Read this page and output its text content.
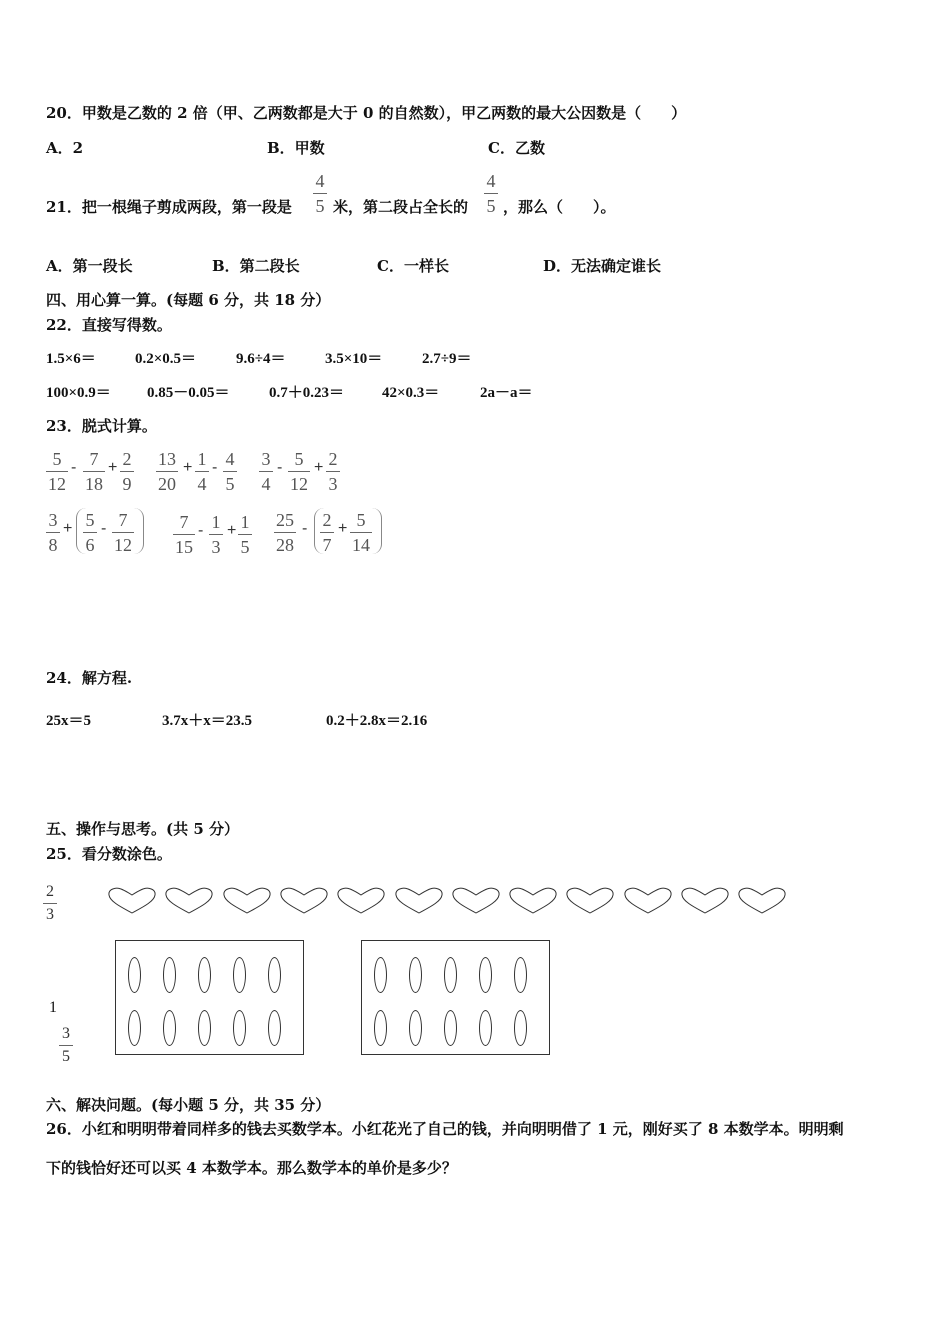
20．甲数是乙数的 2 倍（甲、乙两数都是大于 0 的自然数），甲乙两数的最大公因数是（　　）
A．2	B．甲数	C．乙数
21．把一根绳子剪成两段，第一段是
4
5 米，第二段占全长的
4
5 ，那么（　　）。
A．第一段长	B．第二段长	C．一样长	D．无法确定谁长
四、用心算一算。(每题 6 分，共 18 分）
22．直接写得数。
1.5×6＝	0.2×0.5＝	9.6÷4＝	3.5×10＝	2.7÷9＝
100×0.9＝ 0.85－0.05＝	0.7＋0.23＝	42×0.3＝	2a－a＝
23．脱式计算。
5
12
- 7
18
+ 2
9
13
20
+ 1
4
- 4
5
3
4
- 5
12
+ 2
3
3
8
+ 5
6
- 7
12
7
15
- 1
3
+ 1
5
25
28
- 2
7
+ 5
14
24．解方程.
25x＝5	3.7x＋x＝23.5	0.2＋2.8x＝2.16
五、操作与思考。(共 5 分）
25．看分数涂色。
2
3
1
3
5
六、解决问题。(每小题 5 分，共 35 分）
26．小红和明明带着同样多的钱去买数学本。小红花光了自己的钱，并向明明借了 1 元，刚好买了 8 本数学本。明明剩
下的钱恰好还可以买 4 本数学本。那么数学本的单价是多少？
